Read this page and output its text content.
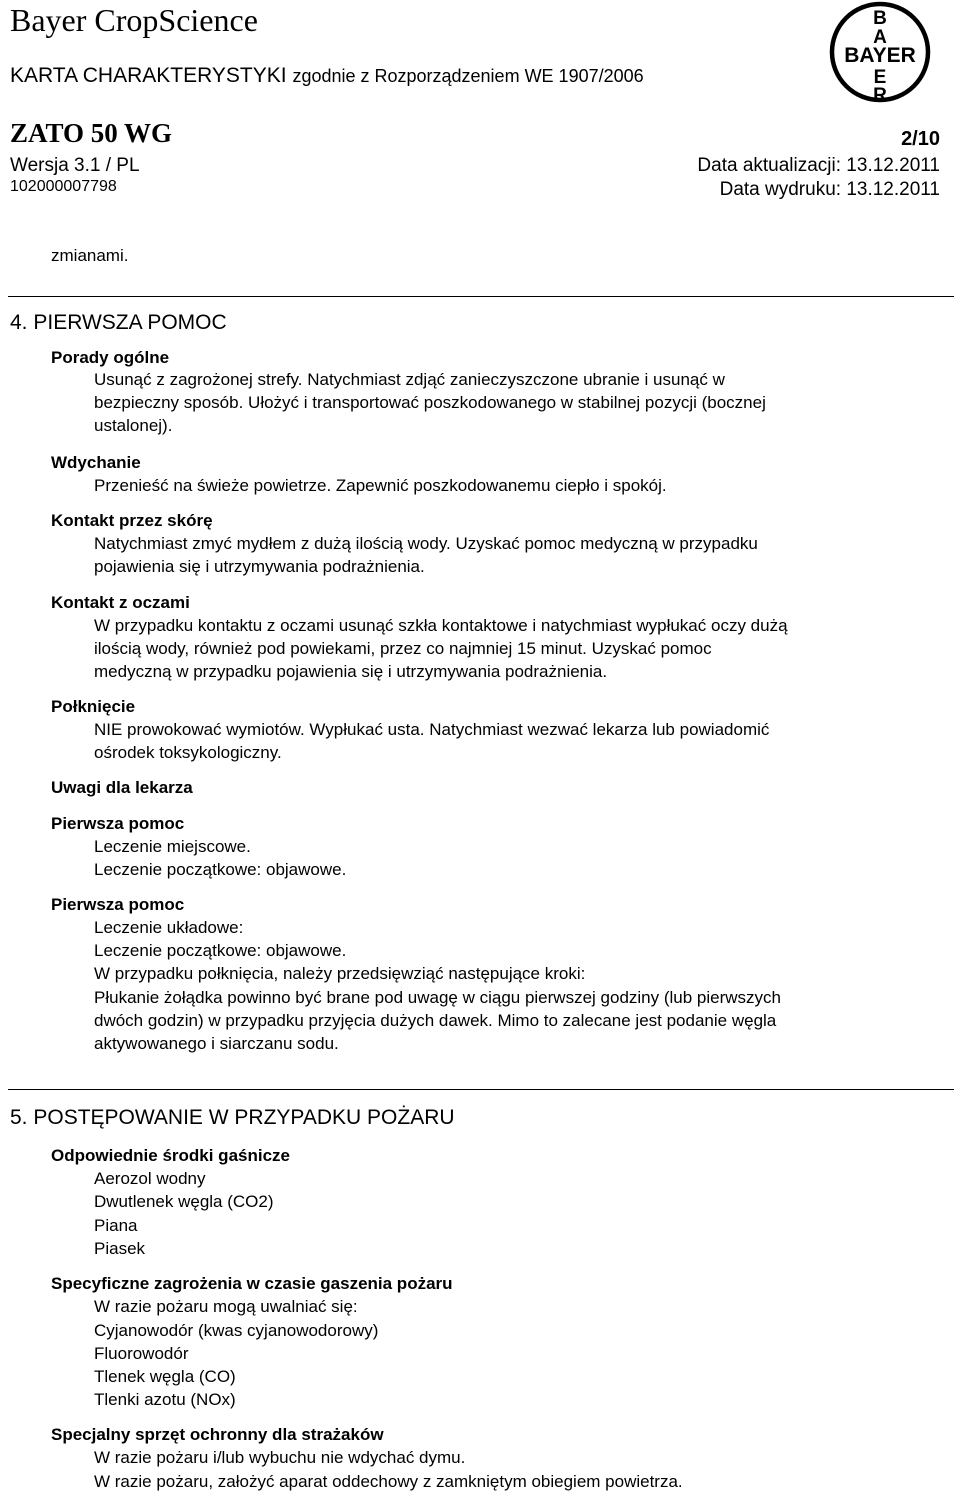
Bayer CropScience
KARTA CHARAKTERYSTYKI zgodnie z Rozporządzeniem WE 1907/2006
B
A
E
R
BAYER
ZATO 50 WG	2/10
Wersja 3.1 / PL
102000007798
Data aktualizacji: 13.12.2011
Data wydruku: 13.12.2011
zmianami.
4. PIERWSZA POMOC
Porady ogólne
Usunąć z zagrożonej strefy. Natychmiast zdjąć zanieczyszczone ubranie i usunąć w
bezpieczny sposób. Ułożyć i transportować poszkodowanego w stabilnej pozycji (bocznej
ustalonej).
Wdychanie
Przenieść na świeże powietrze. Zapewnić poszkodowanemu ciepło i spokój.
Kontakt przez skórę
Natychmiast zmyć mydłem z dużą ilością wody. Uzyskać pomoc medyczną w przypadku
pojawienia się i utrzymywania podrażnienia.
Kontakt z oczami
W przypadku kontaktu z oczami usunąć szkła kontaktowe i natychmiast wypłukać oczy dużą
ilością wody, również pod powiekami, przez co najmniej 15 minut. Uzyskać pomoc
medyczną w przypadku pojawienia się i utrzymywania podrażnienia.
Połknięcie
NIE prowokować wymiotów. Wypłukać usta. Natychmiast wezwać lekarza lub powiadomić
ośrodek toksykologiczny.
Uwagi dla lekarza
Pierwsza pomoc
Leczenie miejscowe.
Leczenie początkowe: objawowe.
Pierwsza pomoc
Leczenie układowe:
Leczenie początkowe: objawowe.
W przypadku połknięcia, należy przedsięwziąć następujące kroki:
Płukanie żołądka powinno być brane pod uwagę w ciągu pierwszej godziny (lub pierwszych
dwóch godzin) w przypadku przyjęcia dużych dawek. Mimo to zalecane jest podanie węgla
aktywowanego i siarczanu sodu.
5. POSTĘPOWANIE W PRZYPADKU POŻARU
Odpowiednie środki gaśnicze
Aerozol wodny
Dwutlenek węgla (CO2)
Piana
Piasek
Specyficzne zagrożenia w czasie gaszenia pożaru
W razie pożaru mogą uwalniać się:
Cyjanowodór (kwas cyjanowodorowy)
Fluorowodór
Tlenek węgla (CO)
Tlenki azotu (NOx)
Specjalny sprzęt ochronny dla strażaków
W razie pożaru i/lub wybuchu nie wdychać dymu.
W razie pożaru, założyć aparat oddechowy z zamkniętym obiegiem powietrza.
